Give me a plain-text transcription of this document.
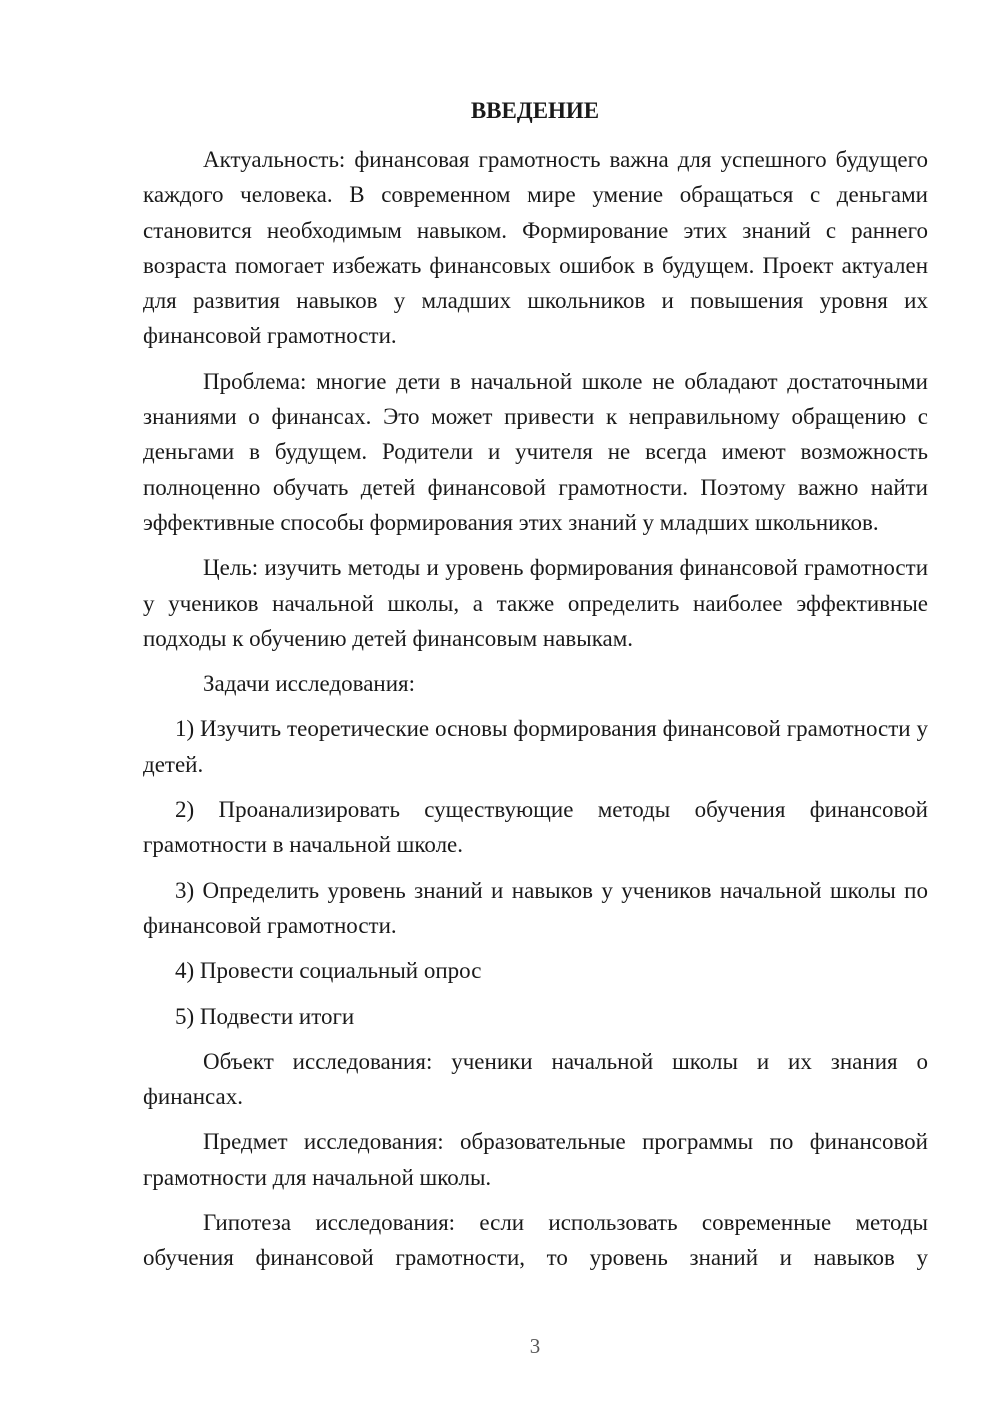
ВВЕДЕНИЕ

Актуальность: финансовая грамотность важна для успешного будущего каждого человека. В современном мире умение обращаться с деньгами становится необходимым навыком. Формирование этих знаний с раннего возраста помогает избежать финансовых ошибок в будущем. Проект актуален для развития навыков у младших школьников и повышения уровня их финансовой грамотности.

Проблема: многие дети в начальной школе не обладают достаточными знаниями о финансах. Это может привести к неправильному обращению с деньгами в будущем. Родители и учителя не всегда имеют возможность полноценно обучать детей финансовой грамотности. Поэтому важно найти эффективные способы формирования этих знаний у младших школьников.

Цель: изучить методы и уровень формирования финансовой грамотности у учеников начальной школы, а также определить наиболее эффективные подходы к обучению детей финансовым навыкам.

Задачи исследования:

1) Изучить теоретические основы формирования финансовой грамотности у детей.

2) Проанализировать существующие методы обучения финансовой грамотности в начальной школе.

3) Определить уровень знаний и навыков у учеников начальной школы по финансовой грамотности.

4) Провести социальный опрос

5) Подвести итоги

Объект исследования: ученики начальной школы и их знания о финансах.

Предмет исследования: образовательные программы по финансовой грамотности для начальной школы.

Гипотеза исследования: если использовать современные методы обучения финансовой грамотности, то уровень знаний и навыков у

3
